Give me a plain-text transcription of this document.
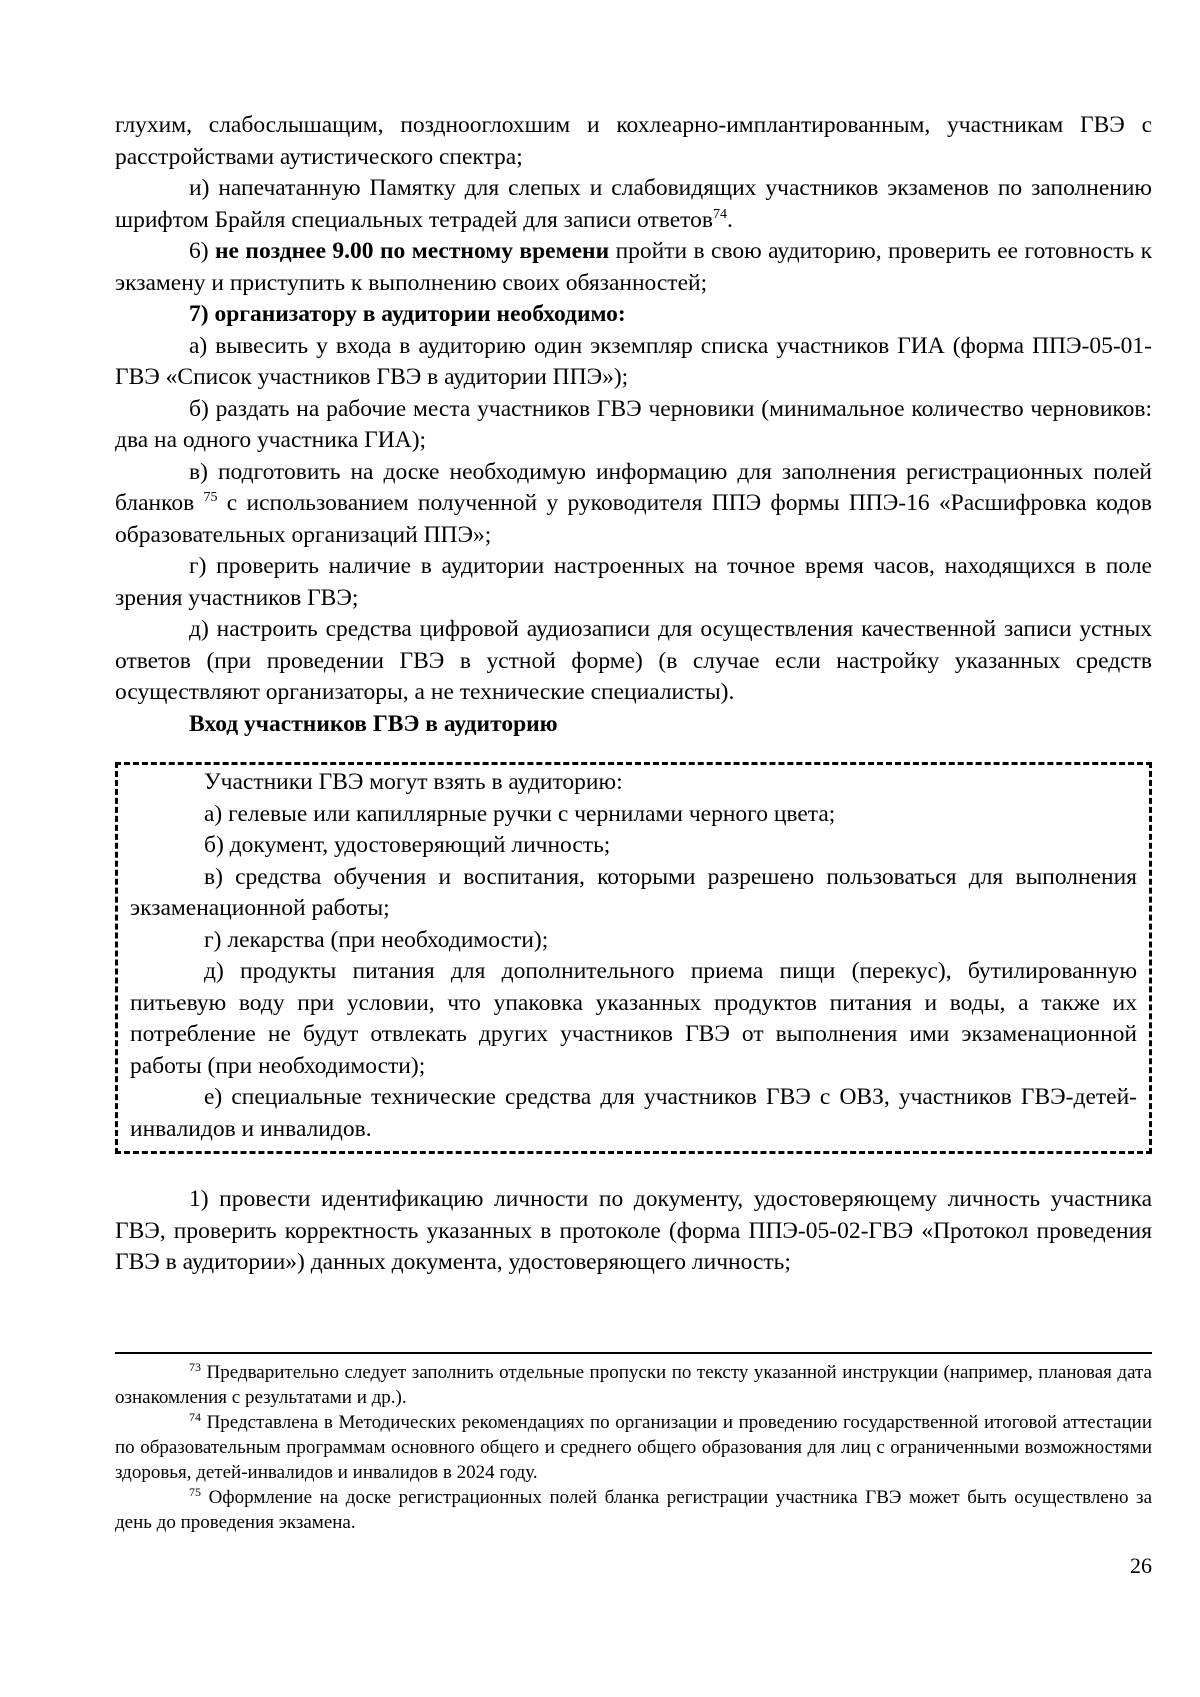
глухим, слабослышащим, позднооглохшим и кохлеарно-имплантированным, участникам ГВЭ с расстройствами аутистического спектра;

и) напечатанную Памятку для слепых и слабовидящих участников экзаменов по заполнению шрифтом Брайля специальных тетрадей для записи ответов$^{74}$.

6) не позднее 9.00 по местному времени пройти в свою аудиторию, проверить ее готовность к экзамену и приступить к выполнению своих обязанностей;

7) организатору в аудитории необходимо:

а) вывесить у входа в аудиторию один экземпляр списка участников ГИА (форма ППЭ-05-01-ГВЭ «Список участников ГВЭ в аудитории ППЭ»);

б) раздать на рабочие места участников ГВЭ черновики (минимальное количество черновиков: два на одного участника ГИА);

в) подготовить на доске необходимую информацию для заполнения регистрационных полей бланков $^{75}$ с использованием полученной у руководителя ППЭ формы ППЭ-16 «Расшифровка кодов образовательных организаций ППЭ»;

г) проверить наличие в аудитории настроенных на точное время часов, находящихся в поле зрения участников ГВЭ;

д) настроить средства цифровой аудиозаписи для осуществления качественной записи устных ответов (при проведении ГВЭ в устной форме) (в случае если настройку указанных средств осуществляют организаторы, а не технические специалисты).

Вход участников ГВЭ в аудиторию

Участники ГВЭ могут взять в аудиторию:

а) гелевые или капиллярные ручки с чернилами черного цвета;

б) документ, удостоверяющий личность;

в) средства обучения и воспитания, которыми разрешено пользоваться для выполнения экзаменационной работы;

г) лекарства (при необходимости);

д) продукты питания для дополнительного приема пищи (перекус), бутилированную питьевую воду при условии, что упаковка указанных продуктов питания и воды, а также их потребление не будут отвлекать других участников ГВЭ от выполнения ими экзаменационной работы (при необходимости);

е) специальные технические средства для участников ГВЭ с ОВЗ, участников ГВЭ-детей-инвалидов и инвалидов.

1) провести идентификацию личности по документу, удостоверяющему личность участника ГВЭ, проверить корректность указанных в протоколе (форма ППЭ-05-02-ГВЭ «Протокол проведения ГВЭ в аудитории») данных документа, удостоверяющего личность;

$^{73}$ Предварительно следует заполнить отдельные пропуски по тексту указанной инструкции (например, плановая дата ознакомления с результатами и др.).

$^{74}$ Представлена в Методических рекомендациях по организации и проведению государственной итоговой аттестации по образовательным программам основного общего и среднего общего образования для лиц с ограниченными возможностями здоровья, детей-инвалидов и инвалидов в 2024 году.

$^{75}$ Оформление на доске регистрационных полей бланка регистрации участника ГВЭ может быть осуществлено за день до проведения экзамена.

26
